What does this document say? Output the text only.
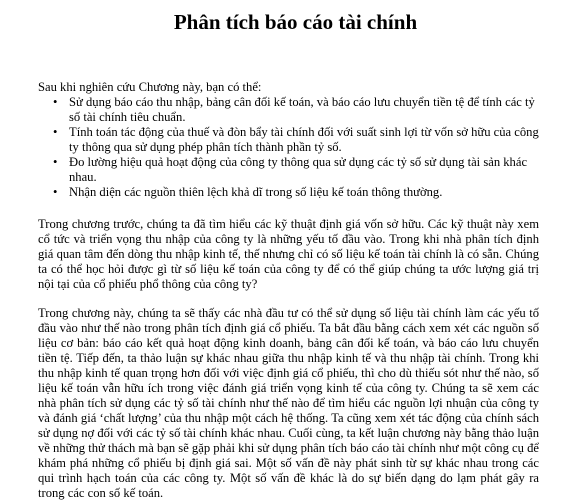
Phân tích báo cáo tài chính

Sau khi nghiên cứu Chương này, bạn có thể:

• Sử dụng báo cáo thu nhập, bảng cân đối kế toán, và báo cáo lưu chuyển tiền tệ để tính các tỷ số tài chính tiêu chuẩn.
• Tính toán tác động của thuế và đòn bẩy tài chính đối với suất sinh lợi từ vốn sở hữu của công ty thông qua sử dụng phép phân tích thành phần tỷ số.
• Đo lường hiệu quả hoạt động của công ty thông qua sử dụng các tỷ số sử dụng tài sản khác nhau.
• Nhận diện các nguồn thiên lệch khả dĩ trong số liệu kế toán thông thường.

Trong chương trước, chúng ta đã tìm hiểu các kỹ thuật định giá vốn sở hữu. Các kỹ thuật này xem cổ tức và triển vọng thu nhập của công ty là những yếu tố đầu vào. Trong khi nhà phân tích định giá quan tâm đến dòng thu nhập kinh tế, thế nhưng chỉ có số liệu kế toán tài chính là có sẵn. Chúng ta có thể học hỏi được gì từ số liệu kế toán của công ty để có thể giúp chúng ta ước lượng giá trị nội tại của cổ phiếu phổ thông của công ty?

Trong chương này, chúng ta sẽ thấy các nhà đầu tư có thể sử dụng số liệu tài chính làm các yếu tố đầu vào như thế nào trong phân tích định giá cổ phiếu. Ta bắt đầu bằng cách xem xét các nguồn số liệu cơ bản: báo cáo kết quả hoạt động kinh doanh, bảng cân đối kế toán, và báo cáo lưu chuyển tiền tệ. Tiếp đến, ta thảo luận sự khác nhau giữa thu nhập kinh tế và thu nhập tài chính. Trong khi thu nhập kinh tế quan trọng hơn đối với việc định giá cổ phiếu, thì cho dù thiếu sót như thế nào, số liệu kế toán vẫn hữu ích trong việc đánh giá triển vọng kinh tế của công ty. Chúng ta sẽ xem các nhà phân tích sử dụng các tỷ số tài chính như thế nào để tìm hiểu các nguồn lợi nhuận của công ty và đánh giá ‘chất lượng’ của thu nhập một cách hệ thống. Ta cũng xem xét tác động của chính sách sử dụng nợ đối với các tỷ số tài chính khác nhau. Cuối cùng, ta kết luận chương này bằng thảo luận về những thử thách mà bạn sẽ gặp phải khi sử dụng phân tích báo cáo tài chính như một công cụ để khám phá những cổ phiếu bị định giá sai. Một số vấn đề này phát sinh từ sự khác nhau trong các qui trình hạch toán của các công ty. Một số vấn đề khác là do sự biến dạng do lạm phát gây ra trong các con số kế toán.
